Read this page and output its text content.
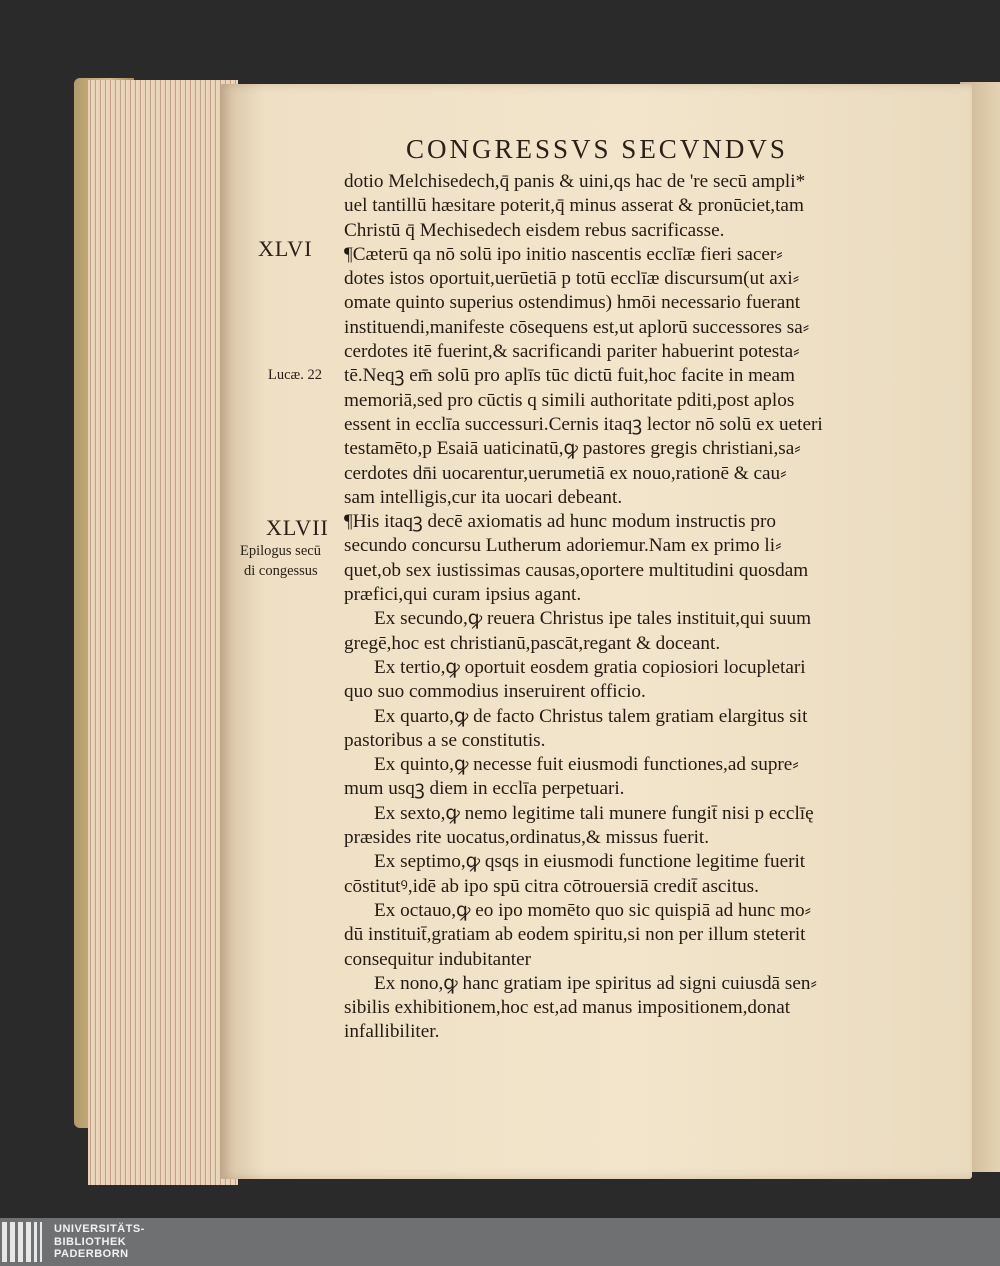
CONGRESSVS SECVNDVS
XLVI
Lucæ. 22
XLVII
Epilogus secū
di congessus
dotio Melchisedech,q̄ panis & uini,qs hac de 're secū ampli*
uel tantillū hæsitare poterit,q̄ minus asserat & pronūciet,tam
Christū q̄ Mechisedech eisdem rebus sacrificasse.
¶Cæterū qa nō solū ipo initio nascentis ecclīæ fieri sacer⸗
dotes istos oportuit,uerūetiā p totū ecclīæ discursum(ut axi⸗
omate quinto superius ostendimus) hmōi necessario fuerant
instituendi,manifeste cōsequens est,ut aplorū successores sa⸗
cerdotes itē fuerint,& sacrificandi pariter habuerint potesta⸗
tē.Neqꝫ em̄ solū pro aplīs tūc dictū fuit,hoc facite in meam
memoriā,sed pro cūctis q simili authoritate pditi,post aplos
essent in ecclīa successuri.Cernis itaqꝫ lector nō solū ex ueteri
testamēto,p Esaiā uaticinatū,ꝙ pastores gregis christiani,sa⸗
cerdotes dn̄i uocarentur,uerumetiā ex nouo,rationē & cau⸗
sam intelligis,cur ita uocari debeant.
¶His itaqꝫ decē axiomatis ad hunc modum instructis pro
secundo concursu Lutherum adoriemur.Nam ex primo li⸗
quet,ob sex iustissimas causas,oportere multitudini quosdam
præfici,qui curam ipsius agant.
Ex secundo,ꝙ reuera Christus ipe tales instituit,qui suum
gregē,hoc est christianū,pascāt,regant & doceant.
Ex tertio,ꝙ oportuit eosdem gratia copiosiori locupletari
quo suo commodius inseruirent officio.
Ex quarto,ꝙ de facto Christus talem gratiam elargitus sit
pastoribus a se constitutis.
Ex quinto,ꝙ necesse fuit eiusmodi functiones,ad supre⸗
mum usqꝫ diem in ecclīa perpetuari.
Ex sexto,ꝙ nemo legitime tali munere fungit̄ nisi p ecclīę
præsides rite uocatus,ordinatus,& missus fuerit.
Ex septimo,ꝙ qsqs in eiusmodi functione legitime fuerit
cōstitutꝰ,idē ab ipo spū citra cōtrouersiā credit̄ ascitus.
Ex octauo,ꝙ eo ipo momēto quo sic quispiā ad hunc mo⸗
dū instituit̄,gratiam ab eodem spiritu,si non per illum steterit
consequitur indubitanter
Ex nono,ꝙ hanc gratiam ipe spiritus ad signi cuiusdā sen⸗
sibilis exhibitionem,hoc est,ad manus impositionem,donat
infallibiliter.
UNIVERSITÄTS-
BIBLIOTHEK
PADERBORN
